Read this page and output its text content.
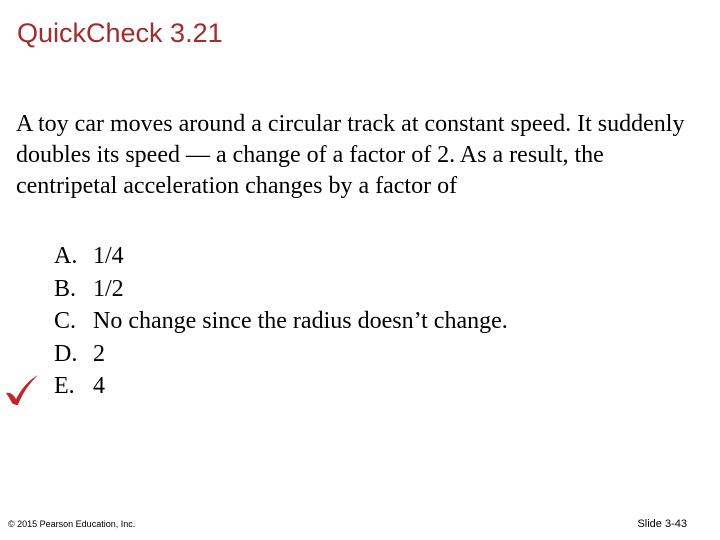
QuickCheck 3.21

A toy car moves around a circular track at constant speed. It suddenly doubles its speed — a change of a factor of 2. As a result, the centripetal acceleration changes by a factor of

A. 1/4
B. 1/2
C. No change since the radius doesn’t change.
D. 2
E. 4
© 2015 Pearson Education, Inc.	Slide 3-43
